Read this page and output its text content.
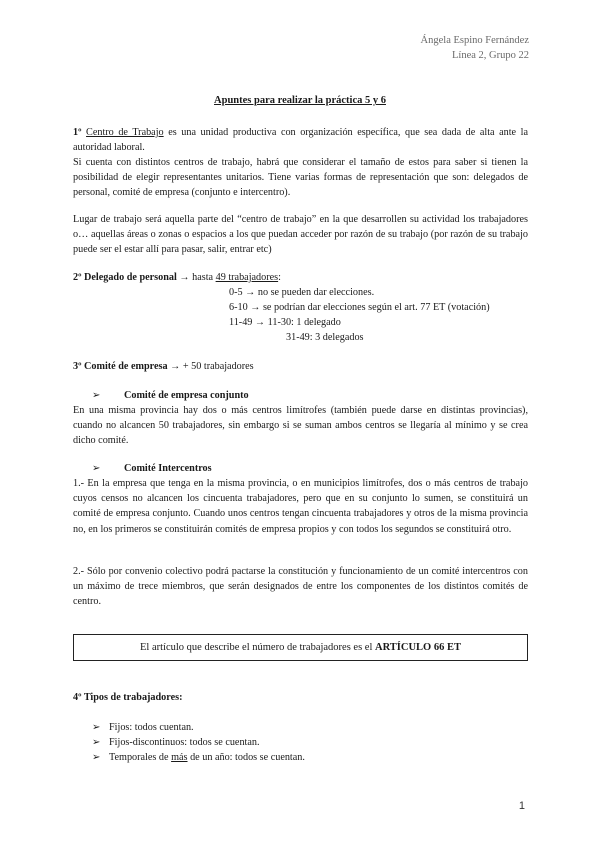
Ángela Espino Fernández
Línea 2, Grupo 22
Apuntes para realizar la práctica 5 y 6
1º Centro de Trabajo es una unidad productiva con organización específica, que sea dada de alta ante la autoridad laboral.
Si cuenta con distintos centros de trabajo, habrá que considerar el tamaño de estos para saber si tienen la posibilidad de elegir representantes unitarios. Tiene varias formas de representación que son: delegados de personal, comité de empresa (conjunto e intercentro).
Lugar de trabajo será aquella parte del “centro de trabajo” en la que desarrollen su actividad los trabajadores o… aquellas áreas o zonas o espacios a los que puedan acceder por razón de su trabajo (por razón de su trabajo puede ser el estar allí para pasar, salir, entrar etc)
2º Delegado de personal → hasta 49 trabajadores:
0-5 → no se pueden dar elecciones.
6-10 → se podrían dar elecciones según el art. 77 ET (votación)
11-49 → 11-30: 1 delegado
31-49: 3 delegados
3º Comité de empresa → + 50 trabajadores
➢ Comité de empresa conjunto
En una misma provincia hay dos o más centros limítrofes (también puede darse en distintas provincias), cuando no alcancen 50 trabajadores, sin embargo si se suman ambos centros se llegaría al mínimo y se crea dicho comité.
➢ Comité Intercentros
1.- En la empresa que tenga en la misma provincia, o en municipios limítrofes, dos o más centros de trabajo cuyos censos no alcancen los cincuenta trabajadores, pero que en su conjunto lo sumen, se constituirá un comité de empresa conjunto. Cuando unos centros tengan cincuenta trabajadores y otros de la misma provincia no, en los primeros se constituirán comités de empresa propios y con todos los segundos se constituirá otro.
2.- Sólo por convenio colectivo podrá pactarse la constitución y funcionamiento de un comité intercentros con un máximo de trece miembros, que serán designados de entre los componentes de los distintos comités de centro.
El artículo que describe el número de trabajadores es el ARTÍCULO 66 ET
4º Tipos de trabajadores:
➢ Fijos: todos cuentan.
➢ Fijos-discontinuos: todos se cuentan.
➢ Temporales de más de un año: todos se cuentan.
1
